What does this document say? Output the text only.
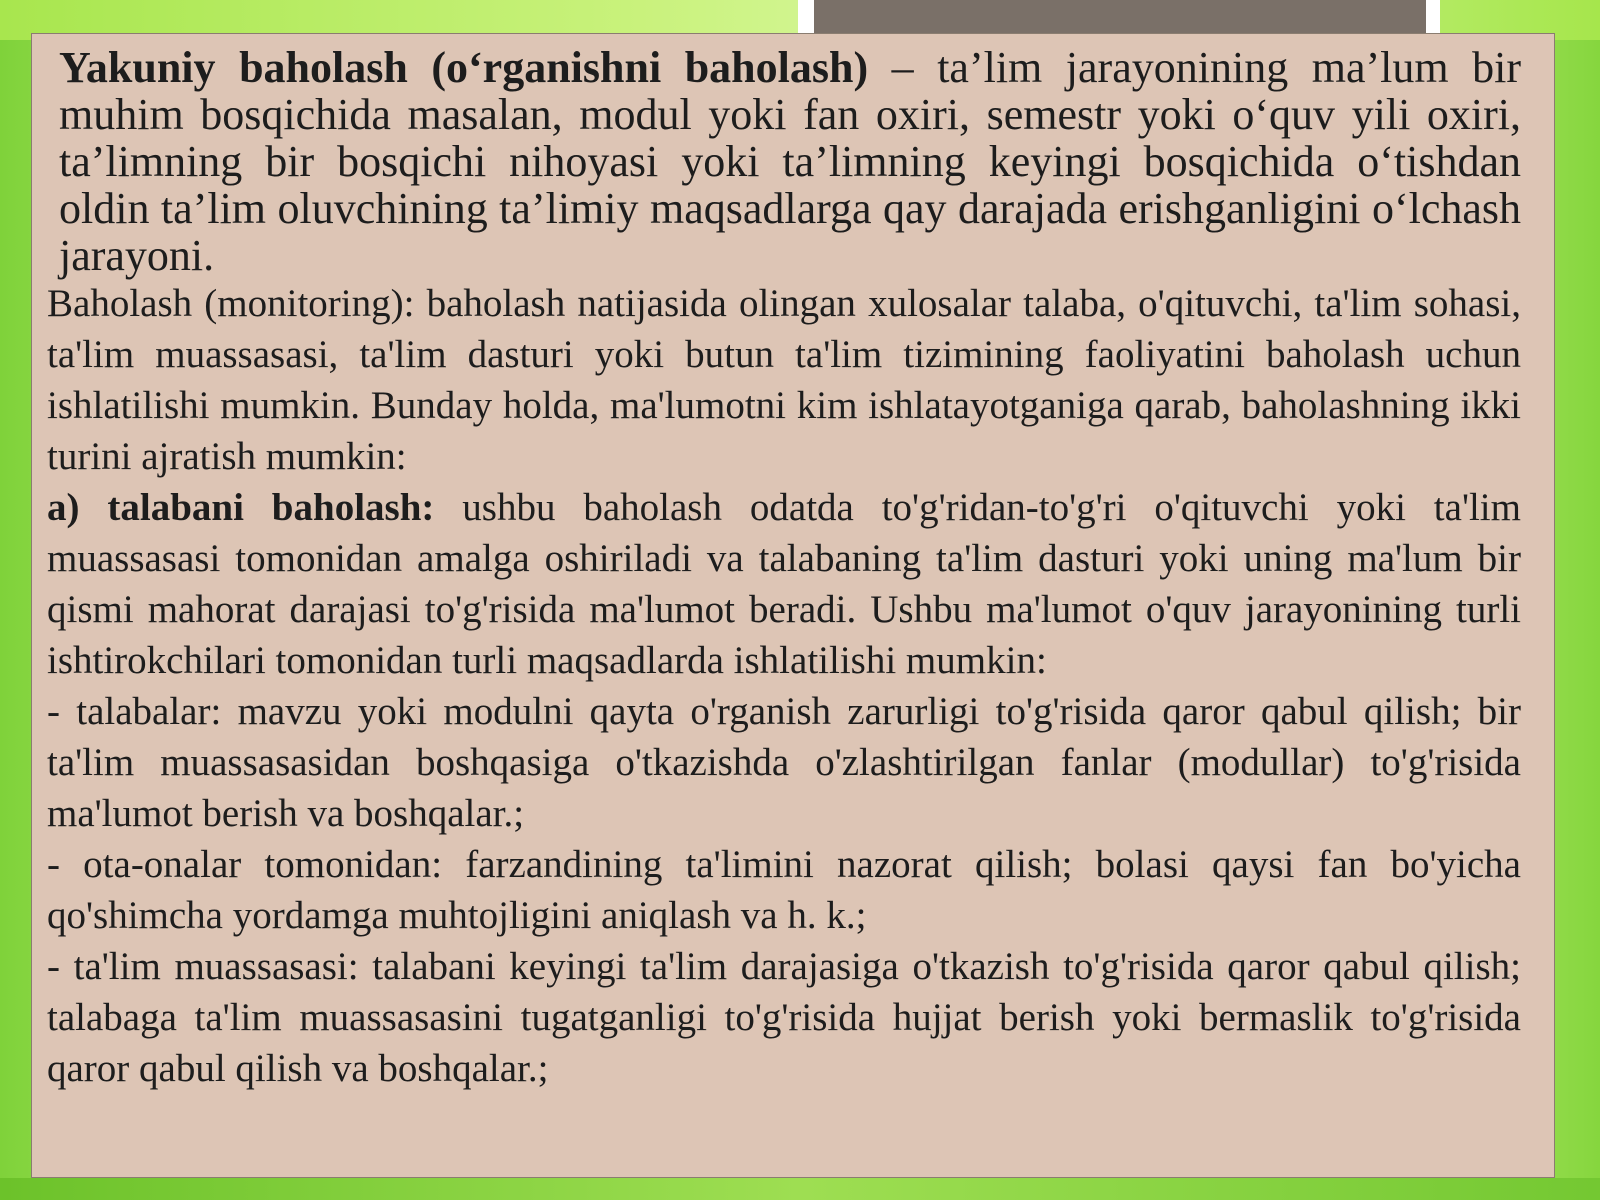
Yakuniy baholash (o‘rganishni baholash) – ta’lim jarayonining ma’lum bir muhim bosqichida masalan, modul yoki fan oxiri, semestr yoki o‘quv yili oxiri, ta’limning bir bosqichi nihoyasi yoki ta’limning keyingi bosqichida o‘tishdan oldin ta’lim oluvchining ta’limiy maqsadlarga qay darajada erishganligini o‘lchash jarayoni.

Baholash (monitoring): baholash natijasida olingan xulosalar talaba, o'qituvchi, ta'lim sohasi, ta'lim muassasasi, ta'lim dasturi yoki butun ta'lim tizimining faoliyatini baholash uchun ishlatilishi mumkin. Bunday holda, ma'lumotni kim ishlatayotganiga qarab, baholashning ikki turini ajratish mumkin:

a) talabani baholash: ushbu baholash odatda to'g'ridan-to'g'ri o'qituvchi yoki ta'lim muassasasi tomonidan amalga oshiriladi va talabaning ta'lim dasturi yoki uning ma'lum bir qismi mahorat darajasi to'g'risida ma'lumot beradi. Ushbu ma'lumot o'quv jarayonining turli ishtirokchilari tomonidan turli maqsadlarda ishlatilishi mumkin:

- talabalar: mavzu yoki modulni qayta o'rganish zarurligi to'g'risida qaror qabul qilish; bir ta'lim muassasasidan boshqasiga o'tkazishda o'zlashtirilgan fanlar (modullar) to'g'risida ma'lumot berish va boshqalar.;

- ota-onalar tomonidan: farzandining ta'limini nazorat qilish; bolasi qaysi fan bo'yicha qo'shimcha yordamga muhtojligini aniqlash va h. k.;

- ta'lim muassasasi: talabani keyingi ta'lim darajasiga o'tkazish to'g'risida qaror qabul qilish; talabaga ta'lim muassasasini tugatganligi to'g'risida hujjat berish yoki bermaslik to'g'risida qaror qabul qilish va boshqalar.;
